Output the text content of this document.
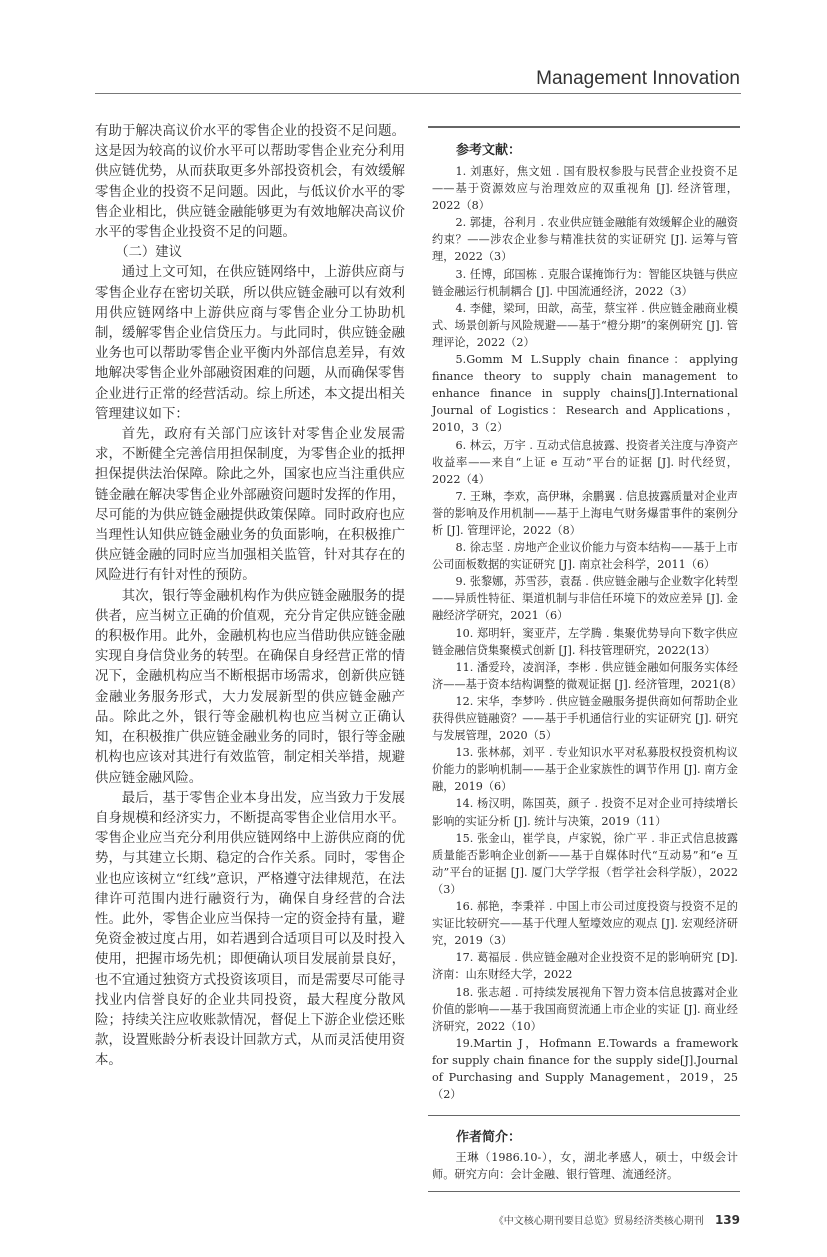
Management Innovation

有助于解决高议价水平的零售企业的投资不足问题。这是因为较高的议价水平可以帮助零售企业充分利用供应链优势，从而获取更多外部投资机会，有效缓解零售企业的投资不足问题。因此，与低议价水平的零售企业相比，供应链金融能够更为有效地解决高议价水平的零售企业投资不足的问题。

（二）建议

通过上文可知，在供应链网络中，上游供应商与零售企业存在密切关联，所以供应链金融可以有效利用供应链网络中上游供应商与零售企业分工协助机制，缓解零售企业信贷压力。与此同时，供应链金融业务也可以帮助零售企业平衡内外部信息差异，有效地解决零售企业外部融资困难的问题，从而确保零售企业进行正常的经营活动。综上所述，本文提出相关管理建议如下：

首先，政府有关部门应该针对零售企业发展需求，不断健全完善信用担保制度，为零售企业的抵押担保提供法治保障。除此之外，国家也应当注重供应链金融在解决零售企业外部融资问题时发挥的作用，尽可能的为供应链金融提供政策保障。同时政府也应当理性认知供应链金融业务的负面影响，在积极推广供应链金融的同时应当加强相关监管，针对其存在的风险进行有针对性的预防。

其次，银行等金融机构作为供应链金融服务的提供者，应当树立正确的价值观，充分肯定供应链金融的积极作用。此外，金融机构也应当借助供应链金融实现自身信贷业务的转型。在确保自身经营正常的情况下，金融机构应当不断根据市场需求，创新供应链金融业务服务形式，大力发展新型的供应链金融产品。除此之外，银行等金融机构也应当树立正确认知，在积极推广供应链金融业务的同时，银行等金融机构也应该对其进行有效监管，制定相关举措，规避供应链金融风险。

最后，基于零售企业本身出发，应当致力于发展自身规模和经济实力，不断提高零售企业信用水平。零售企业应当充分利用供应链网络中上游供应商的优势，与其建立长期、稳定的合作关系。同时，零售企业也应该树立“红线”意识，严格遵守法律规范，在法律许可范围内进行融资行为，确保自身经营的合法性。此外，零售企业应当保持一定的资金持有量，避免资金被过度占用，如若遇到合适项目可以及时投入使用，把握市场先机；即便确认项目发展前景良好，也不宜通过独资方式投资该项目，而是需要尽可能寻找业内信誉良好的企业共同投资，最大程度分散风险；持续关注应收账款情况，督促上下游企业偿还账款，设置账龄分析表设计回款方式，从而灵活使用资本。

参考文献：

1. 刘惠好，焦文妞 . 国有股权参股与民营企业投资不足——基于资源效应与治理效应的双重视角 [J]. 经济管理，2022（8）

2. 郭捷，谷利月 . 农业供应链金融能有效缓解企业的融资约束？——涉农企业参与精准扶贫的实证研究 [J]. 运筹与管理，2022（3）

3. 任博，邱国栋 . 克服合谋掩饰行为：智能区块链与供应链金融运行机制耦合 [J]. 中国流通经济，2022（3）

4. 李健，梁珂，田歆，高莹，蔡宝祥 . 供应链金融商业模式、场景创新与风险规避——基于“橙分期”的案例研究 [J]. 管理评论，2022（2）

5.Gomm M L.Supply chain finance：applying finance theory to supply chain management to enhance finance in supply chains[J].International Journal of Logistics：Research and Applications，2010，3（2）

6. 林云，万宇 . 互动式信息披露、投资者关注度与净资产收益率——来自“上证 e 互动”平台的证据 [J]. 时代经贸，2022（4）

7. 王琳，李欢，高伊琳，余鹏翼 . 信息披露质量对企业声誉的影响及作用机制——基于上海电气财务爆雷事件的案例分析 [J]. 管理评论，2022（8）

8. 徐志坚 . 房地产企业议价能力与资本结构——基于上市公司面板数据的实证研究 [J]. 南京社会科学，2011（6）

9. 张黎娜，苏雪莎，袁磊 . 供应链金融与企业数字化转型——异质性特征、渠道机制与非信任环境下的效应差异 [J]. 金融经济学研究，2021（6）

10. 郑明轩，窦亚芹，左学腾 . 集聚优势导向下数字供应链金融信贷集聚模式创新 [J]. 科技管理研究，2022(13）

11. 潘爱玲，凌润泽，李彬 . 供应链金融如何服务实体经济——基于资本结构调整的微观证据 [J]. 经济管理，2021(8）

12. 宋华，李梦吟 . 供应链金融服务提供商如何帮助企业获得供应链融资？——基于手机通信行业的实证研究 [J]. 研究与发展管理，2020（5）

13. 张林郝，刘平 . 专业知识水平对私募股权投资机构议价能力的影响机制——基于企业家族性的调节作用 [J]. 南方金融，2019（6）

14. 杨汉明，陈国英，颜子 . 投资不足对企业可持续增长影响的实证分析 [J]. 统计与决策，2019（11）

15. 张金山，崔学良，卢家锐，徐广平 . 非正式信息披露质量能否影响企业创新——基于自媒体时代“互动易”和“e 互动”平台的证据 [J]. 厦门大学学报（哲学社会科学版），2022（3）

16. 郝艳，李秉祥 . 中国上市公司过度投资与投资不足的实证比较研究——基于代理人堑壕效应的观点 [J]. 宏观经济研究，2019（3）

17. 葛福辰 . 供应链金融对企业投资不足的影响研究 [D]. 济南：山东财经大学，2022

18. 张志超 . 可持续发展视角下智力资本信息披露对企业价值的影响——基于我国商贸流通上市企业的实证 [J]. 商业经济研究，2022（10）

19.Martin J，Hofmann E.Towards a framework for supply chain finance for the supply side[J].Journal of Purchasing and Supply Management，2019，25（2）

作者简介：
王琳（1986.10-），女，湖北孝感人，硕士，中级会计师。研究方向：会计金融、银行管理、流通经济。
《中文核心期刊要目总览》贸易经济类核心期刊 139
